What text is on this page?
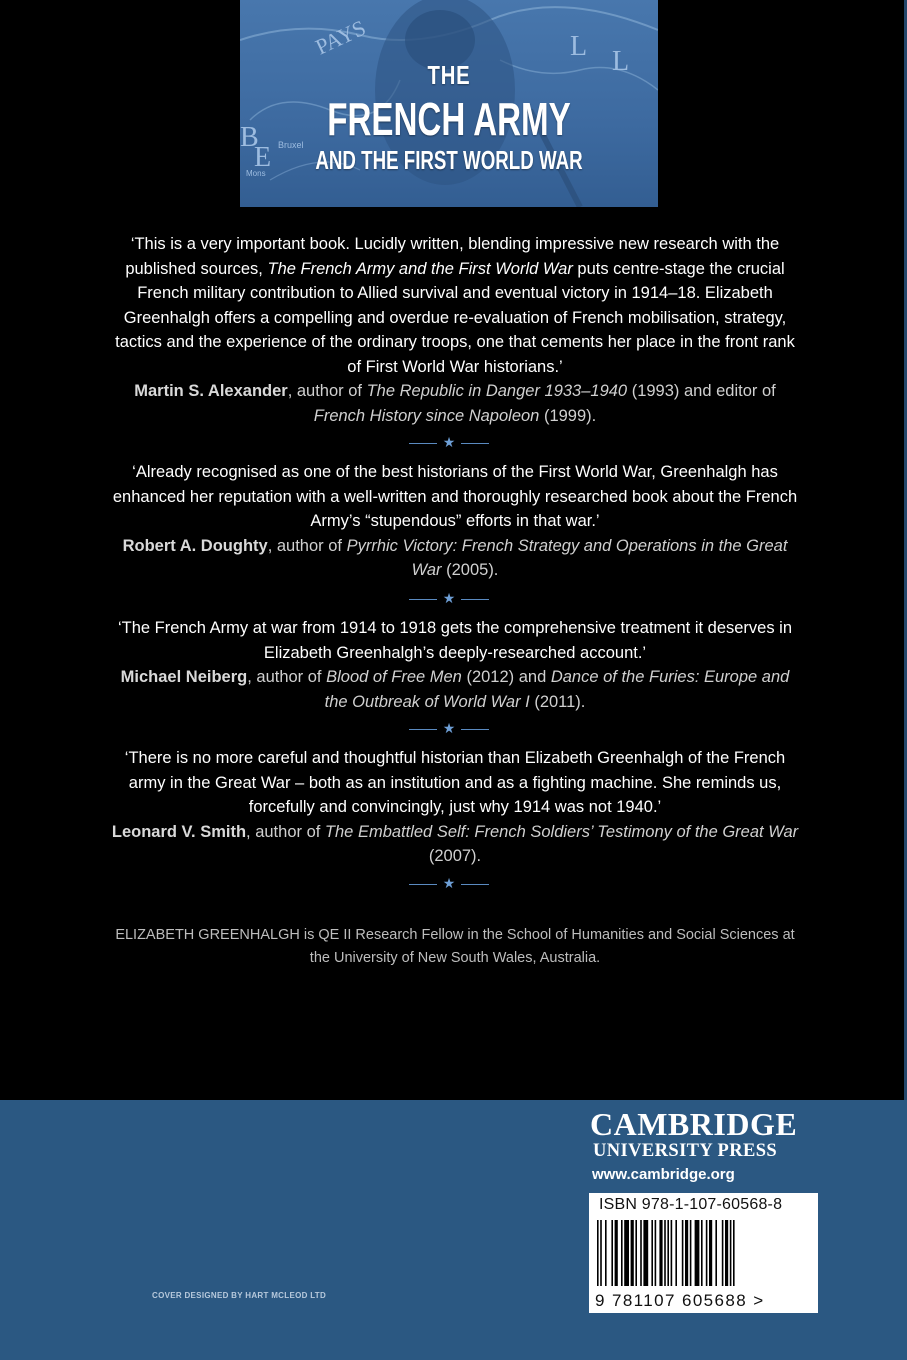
PAYS
B
E
L L
Bruxel
Mons
THE
FRENCH ARMY
AND THE FIRST WORLD WAR

‘This is a very important book. Lucidly written, blending impressive new research with the published sources, The French Army and the First World War puts centre-stage the crucial French military contribution to Allied survival and eventual victory in 1914–18. Elizabeth Greenhalgh offers a compelling and overdue re-evaluation of French mobilisation, strategy, tactics and the experience of the ordinary troops, one that cements her place in the front rank of First World War historians.’

Martin S. Alexander, author of The Republic in Danger 1933–1940 (1993) and editor of French History since Napoleon (1999).

★

‘Already recognised as one of the best historians of the First World War, Greenhalgh has enhanced her reputation with a well-written and thoroughly researched book about the French Army’s “stupendous” efforts in that war.’

Robert A. Doughty, author of Pyrrhic Victory: French Strategy and Operations in the Great War (2005).

★

‘The French Army at war from 1914 to 1918 gets the comprehensive treatment it deserves in Elizabeth Greenhalgh’s deeply-researched account.’

Michael Neiberg, author of Blood of Free Men (2012) and Dance of the Furies: Europe and the Outbreak of World War I (2011).

★

‘There is no more careful and thoughtful historian than Elizabeth Greenhalgh of the French army in the Great War – both as an institution and as a fighting machine. She reminds us, forcefully and convincingly, just why 1914 was not 1940.’

Leonard V. Smith, author of The Embattled Self: French Soldiers’ Testimony of the Great War (2007).

★
ELIZABETH GREENHALGH is QE II Research Fellow in the School of Humanities and Social Sciences at the University of New South Wales, Australia.
COVER DESIGNED BY HART MCLEOD LTD
CAMBRIDGE
UNIVERSITY PRESS
www.cambridge.org
ISBN 978-1-107-60568-8
9 781107 605688 >
